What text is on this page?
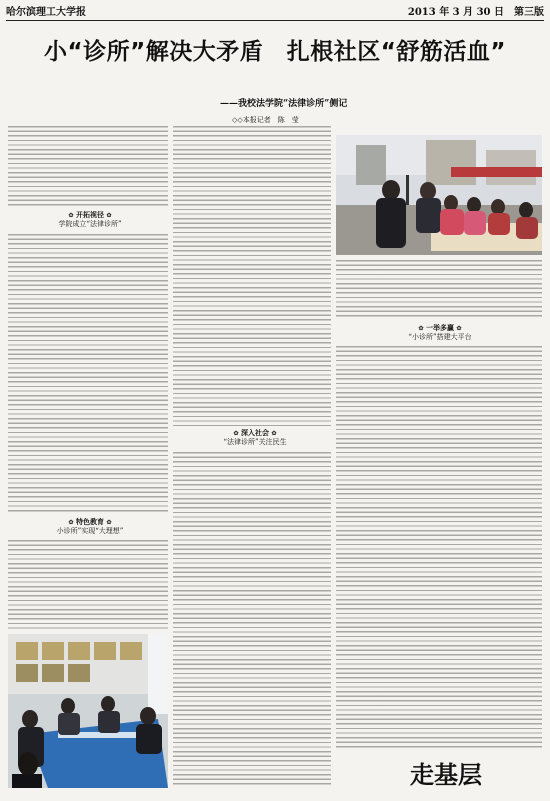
哈尔滨理工大学报	2013 年 3 月 30 日　第三版
小“诊所”解决大矛盾　扎根社区“舒筋活血”
——我校法学院“法律诊所”侧记
◇◇本报记者　陈　莹
✿ 开拓视径 ✿
学院成立“法律诊所”
✿ 特色教育 ✿
小诊所”实现“大理想”
✿ 深入社会 ✿
“法律诊所”关注民生
✿ 一举多赢 ✿
“小诊所”搭建大平台
走基层
